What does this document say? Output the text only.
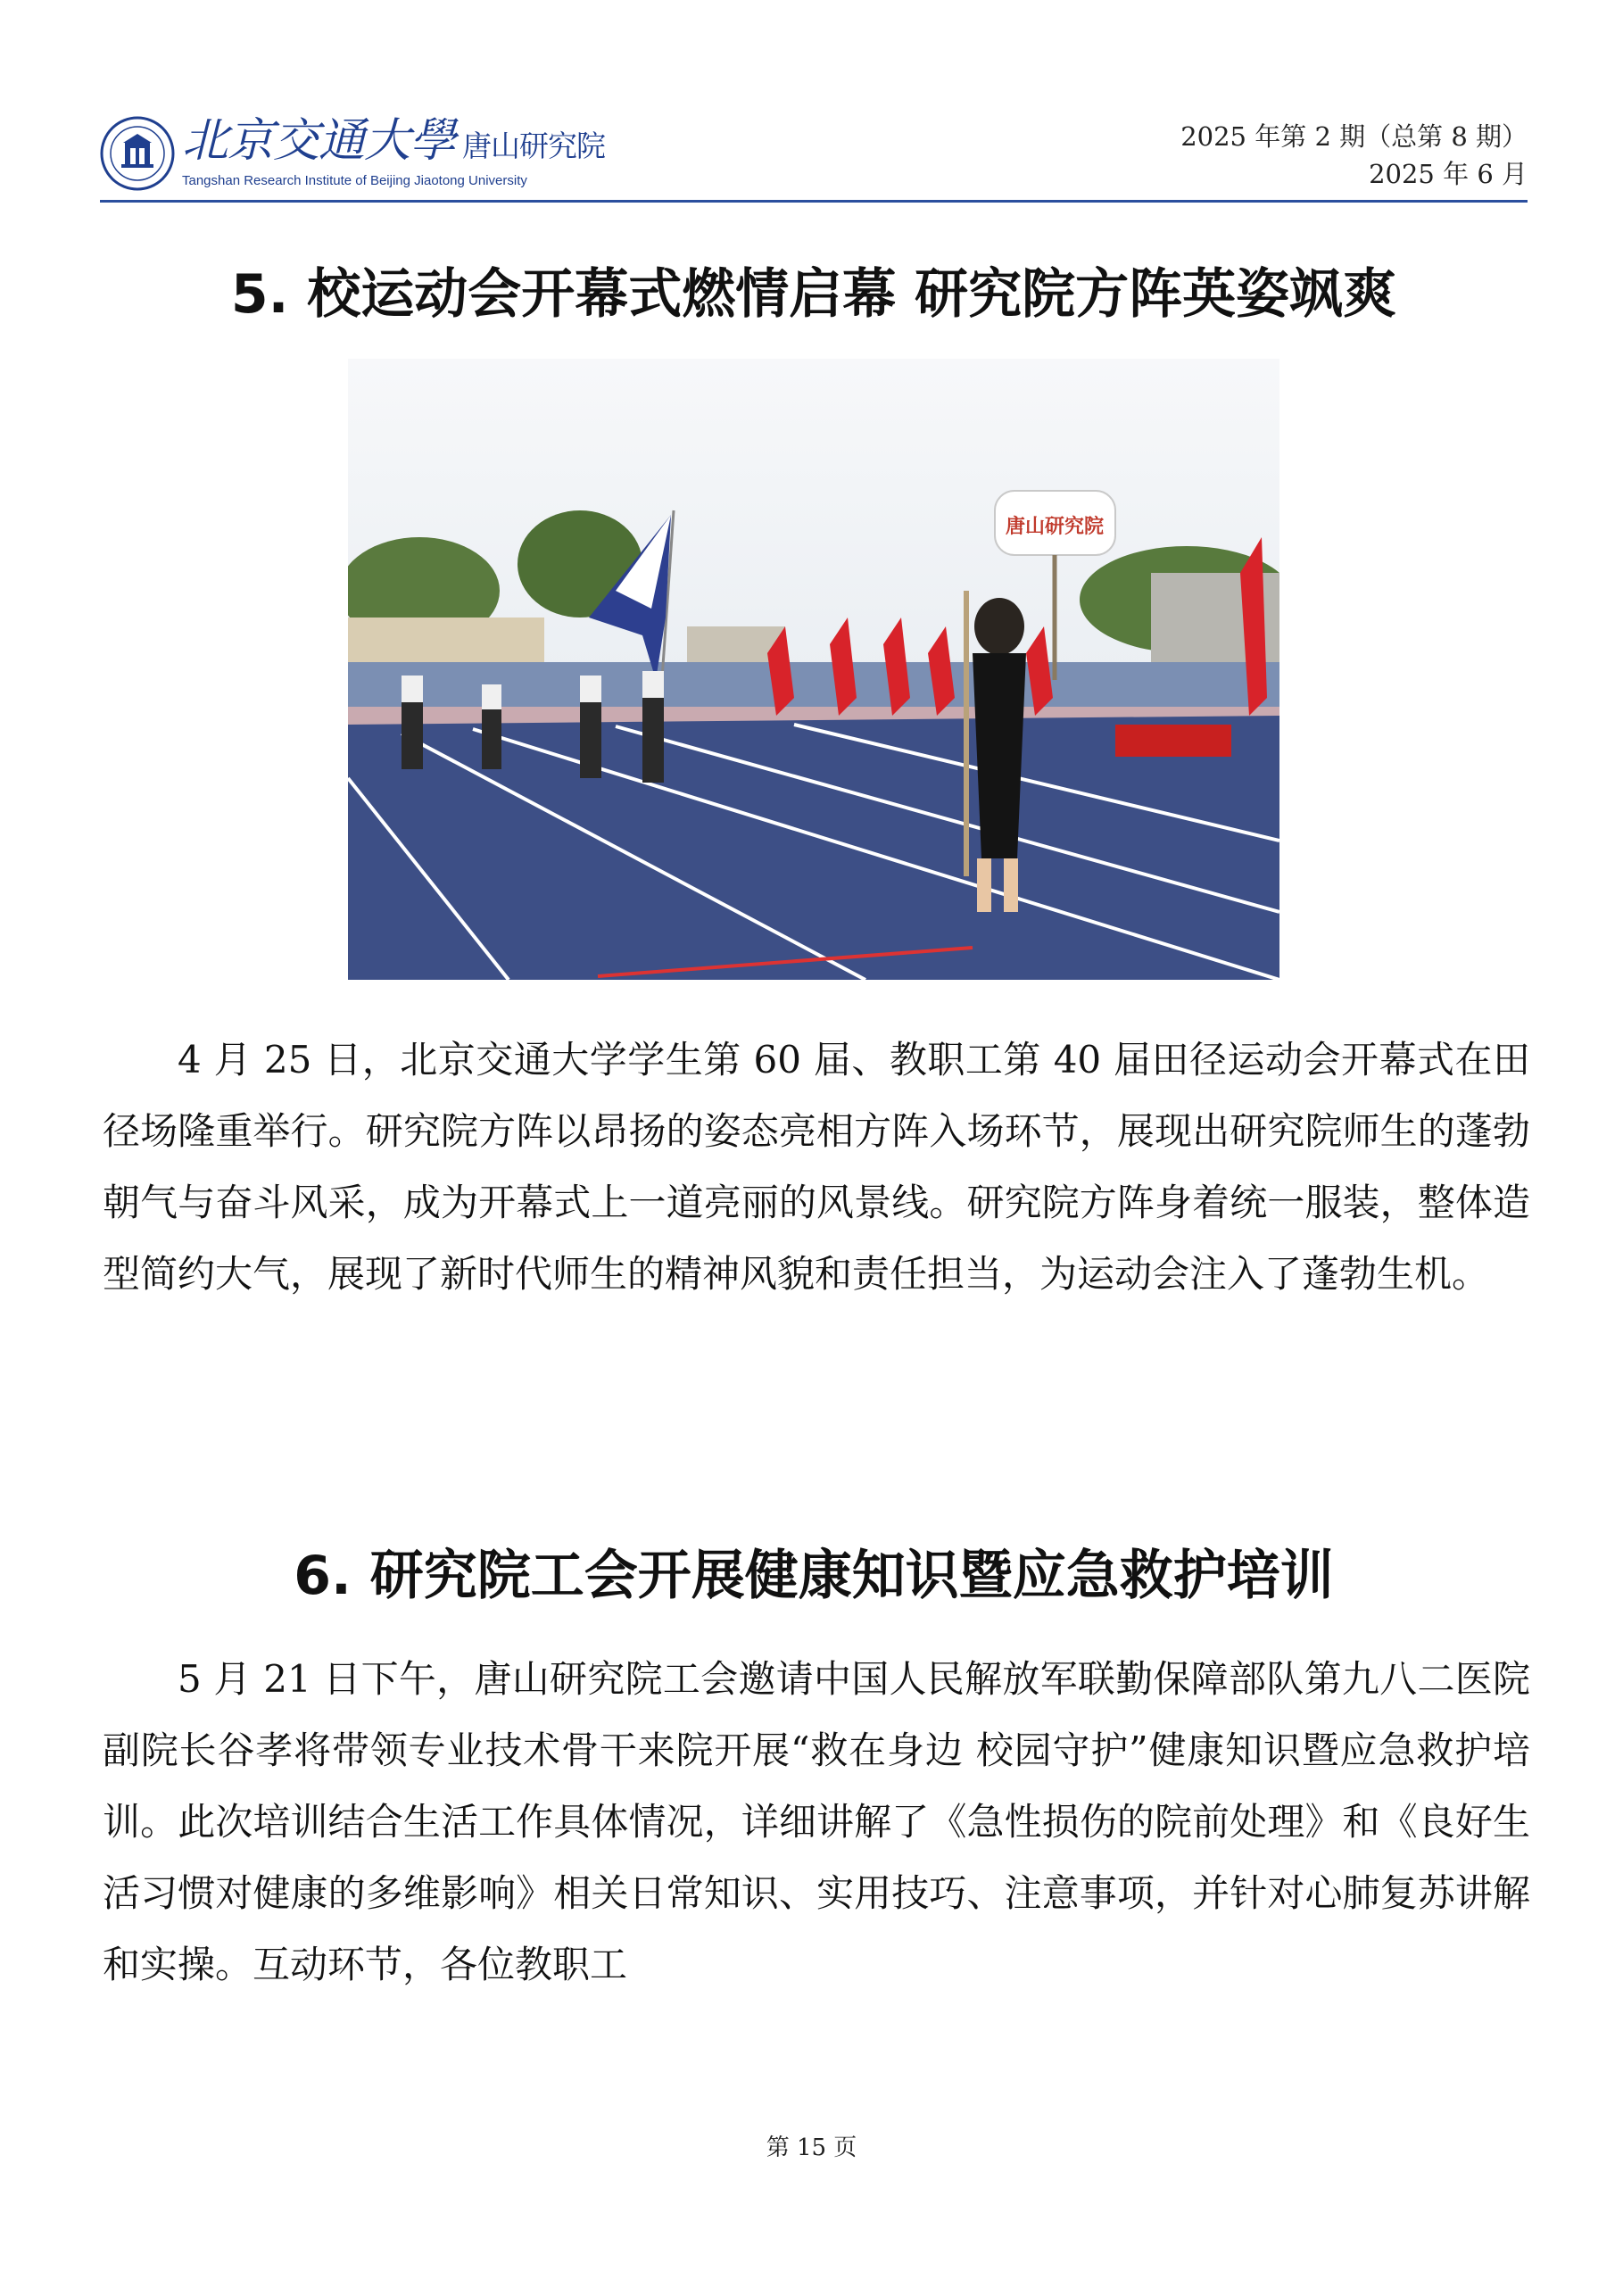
北京交通大學 唐山研究院
Tangshan Research Institute of Beijing Jiaotong University
2025 年第 2 期（总第 8 期）
2025 年 6 月
5. 校运动会开幕式燃情启幕 研究院方阵英姿飒爽
唐山研究院

4 月 25 日，北京交通大学学生第 60 届、教职工第 40 届田径运动会开幕式在田径场隆重举行。研究院方阵以昂扬的姿态亮相方阵入场环节，展现出研究院师生的蓬勃朝气与奋斗风采，成为开幕式上一道亮丽的风景线。研究院方阵身着统一服装，整体造型简约大气，展现了新时代师生的精神风貌和责任担当，为运动会注入了蓬勃生机。

6. 研究院工会开展健康知识暨应急救护培训

5 月 21 日下午，唐山研究院工会邀请中国人民解放军联勤保障部队第九八二医院副院长谷孝将带领专业技术骨干来院开展“救在身边 校园守护”健康知识暨应急救护培训。此次培训结合生活工作具体情况，详细讲解了《急性损伤的院前处理》和《良好生活习惯对健康的多维影响》相关日常知识、实用技巧、注意事项，并针对心肺复苏讲解和实操。互动环节，各位教职工

第 15 页
